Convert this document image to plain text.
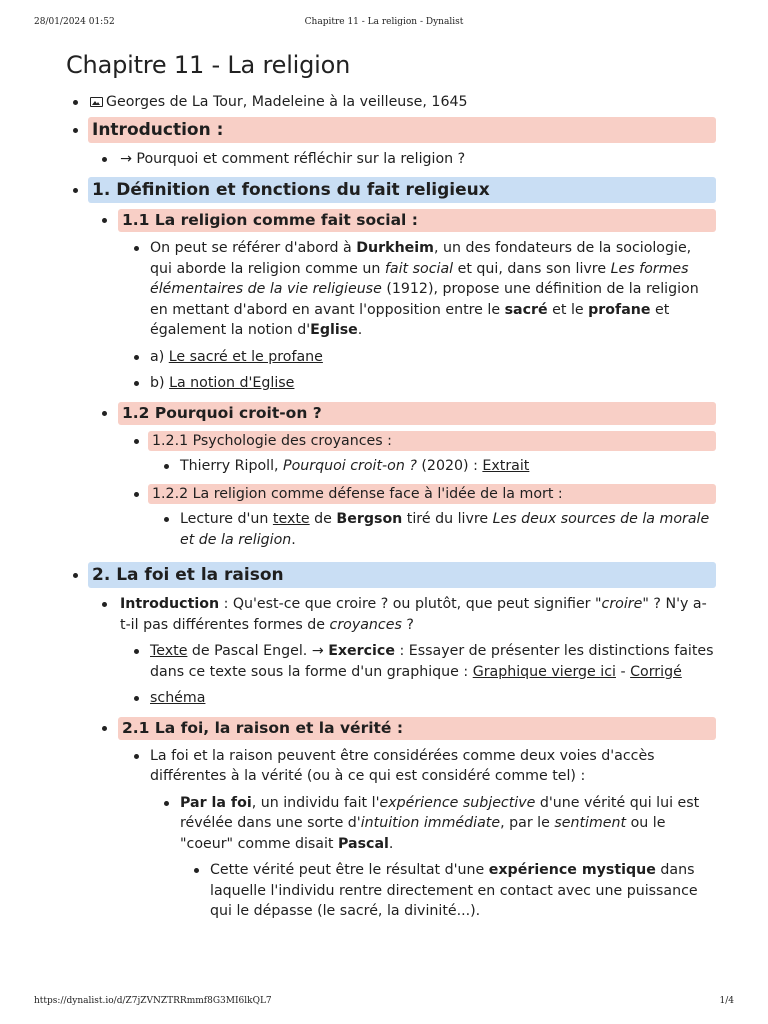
28/01/2024 01:52	Chapitre 11 - La religion - Dynalist
Chapitre 11 - La religion
Georges de La Tour, Madeleine à la veilleuse, 1645
Introduction :
→ Pourquoi et comment réfléchir sur la religion ?
1. Définition et fonctions du fait religieux
1.1 La religion comme fait social :
On peut se référer d'abord à Durkheim, un des fondateurs de la sociologie, qui aborde la religion comme un fait social et qui, dans son livre Les formes élémentaires de la vie religieuse (1912), propose une définition de la religion en mettant d'abord en avant l'opposition entre le sacré et le profane et également la notion d'Eglise.
a) Le sacré et le profane
b) La notion d'Eglise
1.2 Pourquoi croit-on ?
1.2.1 Psychologie des croyances :
Thierry Ripoll, Pourquoi croit-on ? (2020) : Extrait
1.2.2 La religion comme défense face à l'idée de la mort :
Lecture d'un texte de Bergson tiré du livre Les deux sources de la morale et de la religion.
2. La foi et la raison
Introduction : Qu'est-ce que croire ? ou plutôt, que peut signifier "croire" ? N'y a-t-il pas différentes formes de croyances ?
Texte de Pascal Engel. → Exercice : Essayer de présenter les distinctions faites dans ce texte sous la forme d'un graphique : Graphique vierge ici - Corrigé
schéma
2.1 La foi, la raison et la vérité :
La foi et la raison peuvent être considérées comme deux voies d'accès différentes à la vérité (ou à ce qui est considéré comme tel) :
Par la foi, un individu fait l'expérience subjective d'une vérité qui lui est révélée dans une sorte d'intuition immédiate, par le sentiment ou le "coeur" comme disait Pascal.
Cette vérité peut être le résultat d'une expérience mystique dans laquelle l'individu rentre directement en contact avec une puissance qui le dépasse (le sacré, la divinité...).
https://dynalist.io/d/Z7jZVNZTRRmmf8G3MI6lkQL7	1/4
